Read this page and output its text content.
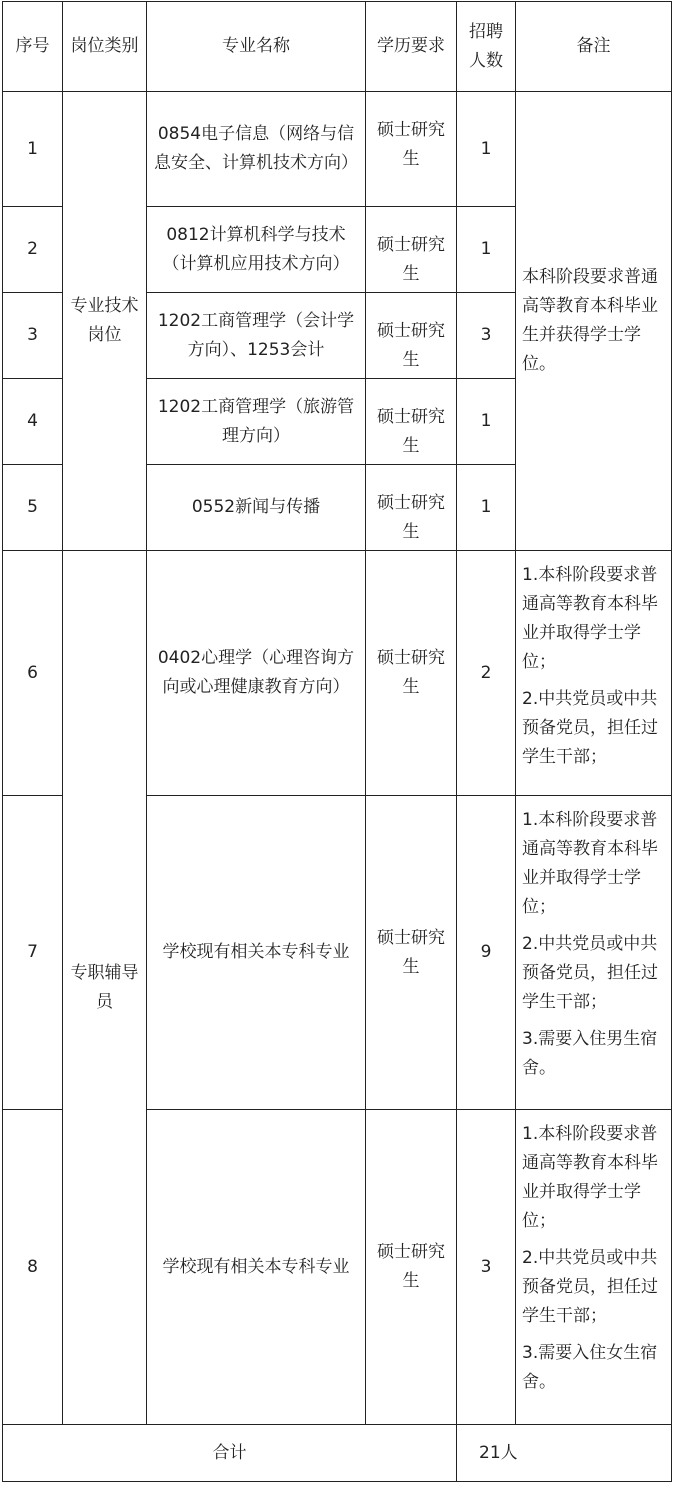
序号	岗位类别	专业名称	学历要求	招聘人数	备注
1	专业技术岗位	0854电子信息（网络与信息安全、计算机技术方向）	硕士研究生	1	本科阶段要求普通高等教育本科毕业生并获得学士学位。
2		0812计算机科学与技术（计算机应用技术方向）	硕士研究生	1	
3		1202工商管理学（会计学方向）、1253会计	硕士研究生	3	
4		1202工商管理学（旅游管理方向）	硕士研究生	1	
5		0552新闻与传播	硕士研究生	1	
6	专职辅导员	0402心理学（心理咨询方向或心理健康教育方向）	硕士研究生	2	1.本科阶段要求普通高等教育本科毕业并取得学士学位；

2.中共党员或中共预备党员，担任过学生干部；

7		学校现有相关本专科专业	硕士研究生	9	1.本科阶段要求普通高等教育本科毕业并取得学士学位；

2.中共党员或中共预备党员，担任过学生干部；

3.需要入住男生宿舍。

8		学校现有相关本专科专业	硕士研究生	3	1.本科阶段要求普通高等教育本科毕业并取得学士学位；

2.中共党员或中共预备党员，担任过学生干部；

3.需要入住女生宿舍。

合计				21人	
